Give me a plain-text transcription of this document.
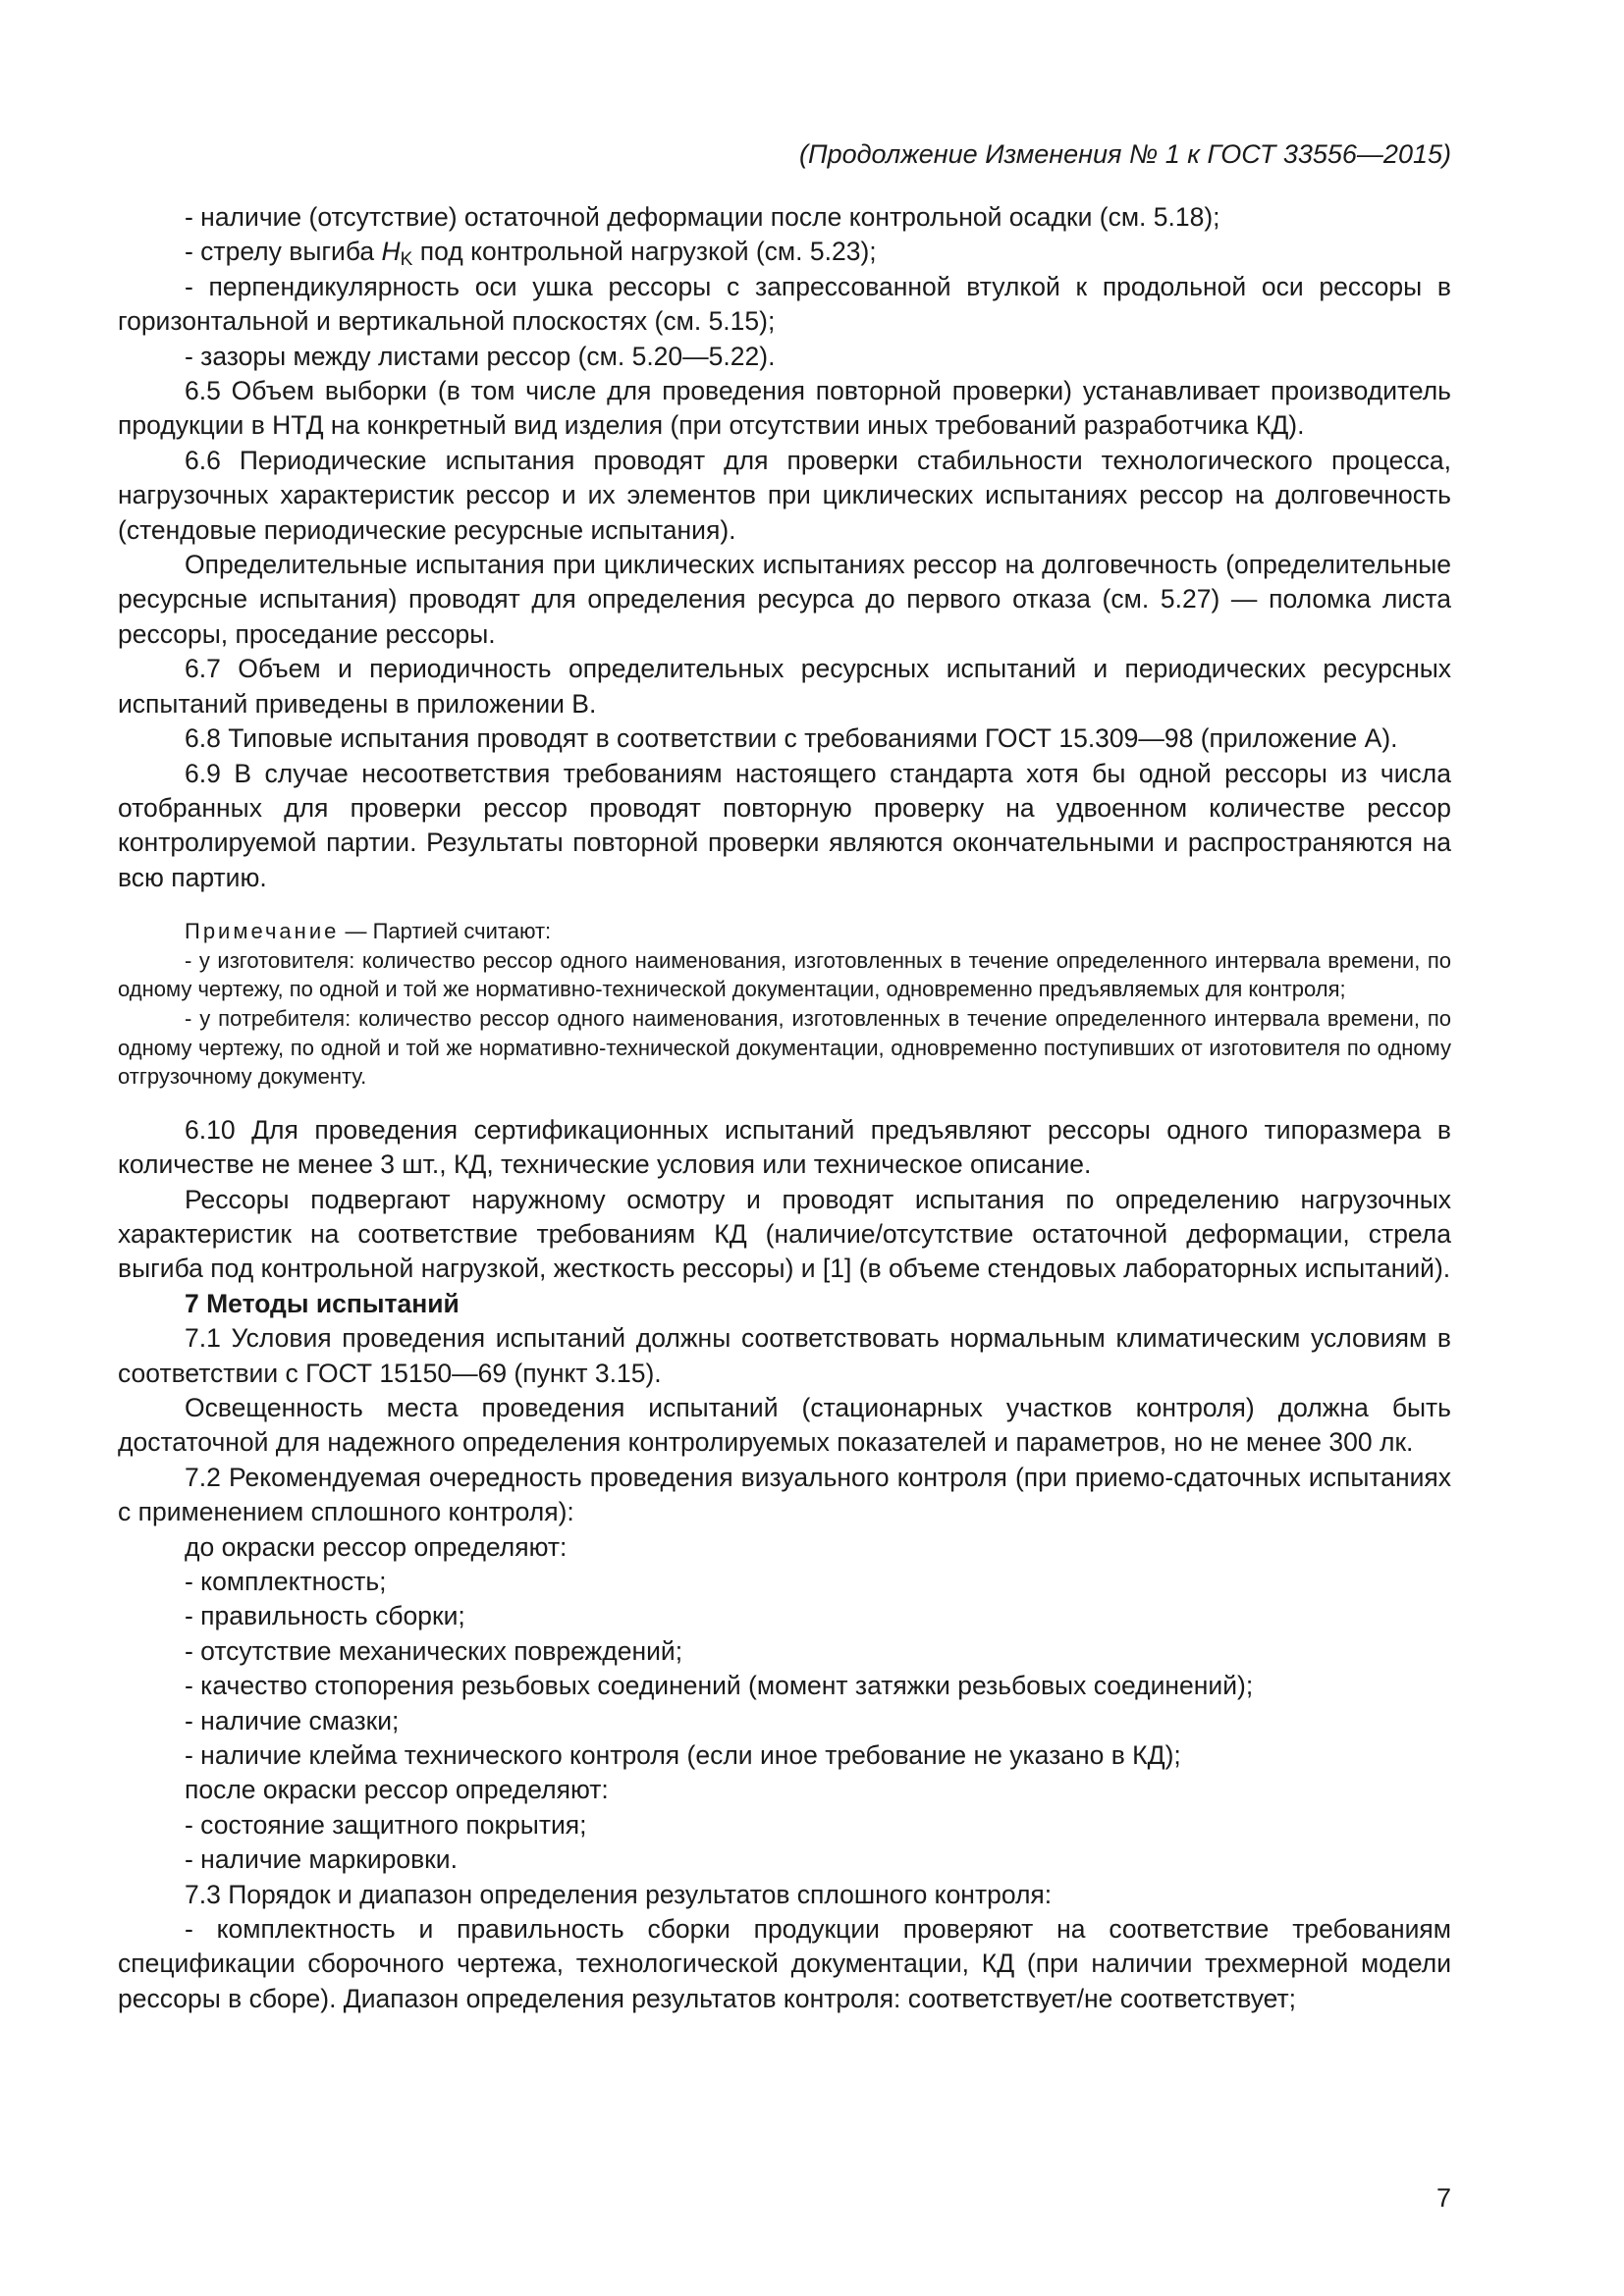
(Продолжение Изменения № 1 к ГОСТ 33556—2015)

- наличие (отсутствие) остаточной деформации после контрольной осадки (см. 5.18);

- стрелу выгиба $H_K$ под контрольной нагрузкой (см. 5.23);

- перпендикулярность оси ушка рессоры с запрессованной втулкой к продольной оси рессоры в горизонтальной и вертикальной плоскостях (см. 5.15);

- зазоры между листами рессор (см. 5.20—5.22).

6.5 Объем выборки (в том числе для проведения повторной проверки) устанавливает производитель продукции в НТД на конкретный вид изделия (при отсутствии иных требований разработчика КД).

6.6 Периодические испытания проводят для проверки стабильности технологического процесса, нагрузочных характеристик рессор и их элементов при циклических испытаниях рессор на долговечность (стендовые периодические ресурсные испытания).

Определительные испытания при циклических испытаниях рессор на долговечность (определительные ресурсные испытания) проводят для определения ресурса до первого отказа (см. 5.27) — поломка листа рессоры, проседание рессоры.

6.7 Объем и периодичность определительных ресурсных испытаний и периодических ресурсных испытаний приведены в приложении В.

6.8 Типовые испытания проводят в соответствии с требованиями ГОСТ 15.309—98 (приложение А).

6.9 В случае несоответствия требованиям настоящего стандарта хотя бы одной рессоры из числа отобранных для проверки рессор проводят повторную проверку на удвоенном количестве рессор контролируемой партии. Результаты повторной проверки являются окончательными и распространяются на всю партию.

Примечание — Партией считают:

- у изготовителя: количество рессор одного наименования, изготовленных в течение определенного интервала времени, по одному чертежу, по одной и той же нормативно-технической документации, одновременно предъявляемых для контроля;

- у потребителя: количество рессор одного наименования, изготовленных в течение определенного интервала времени, по одному чертежу, по одной и той же нормативно-технической документации, одновременно поступивших от изготовителя по одному отгрузочному документу.

6.10 Для проведения сертификационных испытаний предъявляют рессоры одного типоразмера в количестве не менее 3 шт., КД, технические условия или техническое описание.

Рессоры подвергают наружному осмотру и проводят испытания по определению нагрузочных характеристик на соответствие требованиям КД (наличие/отсутствие остаточной деформации, стрела выгиба под контрольной нагрузкой, жесткость рессоры) и [1] (в объеме стендовых лабораторных испытаний).

7 Методы испытаний

7.1 Условия проведения испытаний должны соответствовать нормальным климатическим условиям в соответствии с ГОСТ 15150—69 (пункт 3.15).

Освещенность места проведения испытаний (стационарных участков контроля) должна быть достаточной для надежного определения контролируемых показателей и параметров, но не менее 300 лк.

7.2 Рекомендуемая очередность проведения визуального контроля (при приемо-сдаточных испытаниях с применением сплошного контроля):

до окраски рессор определяют:

- комплектность;

- правильность сборки;

- отсутствие механических повреждений;

- качество стопорения резьбовых соединений (момент затяжки резьбовых соединений);

- наличие смазки;

- наличие клейма технического контроля (если иное требование не указано в КД);

после окраски рессор определяют:

- состояние защитного покрытия;

- наличие маркировки.

7.3 Порядок и диапазон определения результатов сплошного контроля:

- комплектность и правильность сборки продукции проверяют на соответствие требованиям спецификации сборочного чертежа, технологической документации, КД (при наличии трехмерной модели рессоры в сборе). Диапазон определения результатов контроля: соответствует/не соответствует;

7
